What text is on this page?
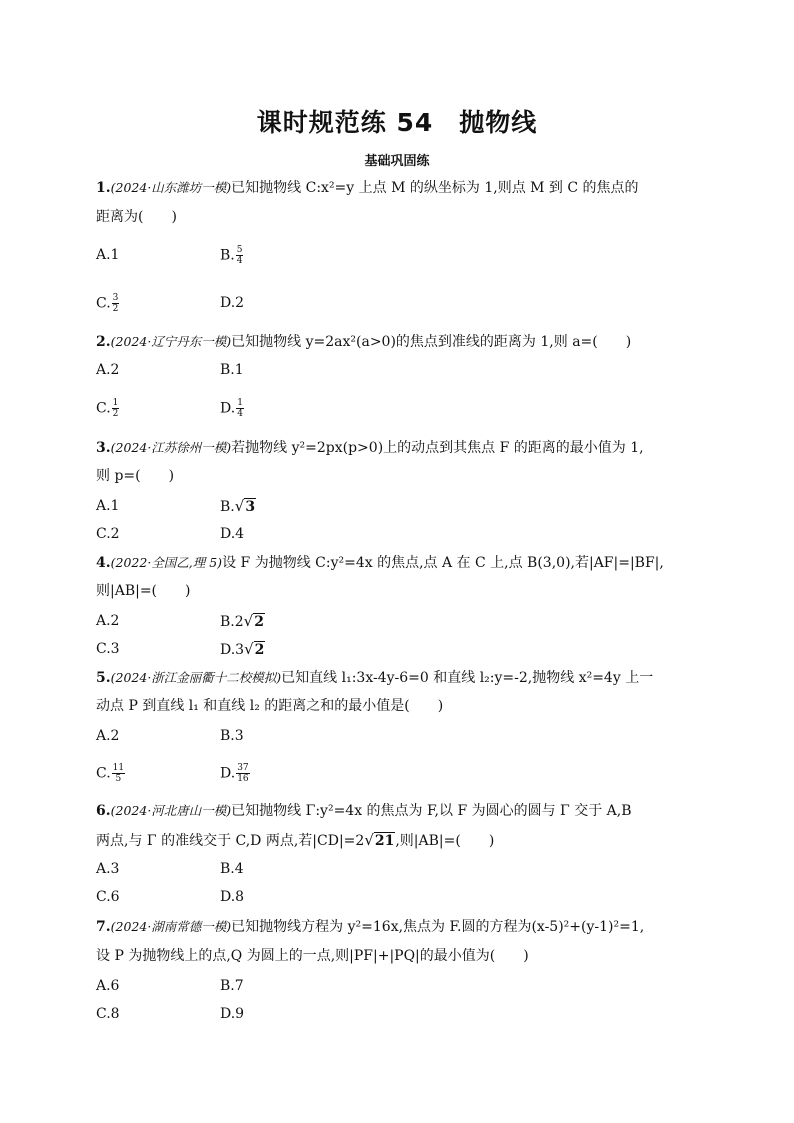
课时规范练 54　抛物线
基础巩固练
1.(2024·山东潍坊一模)已知抛物线 C:x²=y 上点 M 的纵坐标为 1,则点 M 到 C 的焦点的
距离为(　　)
A.1	B. $\frac{5}{4}$
C. $\frac{3}{2}$	D.2
2.(2024·辽宁丹东一模)已知抛物线 y=2ax²(a>0)的焦点到准线的距离为 1,则 a=(　　)
A.2	B.1
C. $\frac{1}{2}$	D. $\frac{1}{4}$
3.(2024·江苏徐州一模)若抛物线 y²=2px(p>0)上的动点到其焦点 F 的距离的最小值为 1,
则 p=(　　)
A.1	B.√3
C.2	D.4
4.(2022·全国乙,理 5)设 F 为抛物线 C:y²=4x 的焦点,点 A 在 C 上,点 B(3,0),若|AF|=|BF|,
则|AB|=(　　)
A.2	B.2√2
C.3	D.3√2
5.(2024·浙江金丽衢十二校模拟)已知直线 l₁:3x-4y-6=0 和直线 l₂:y=-2,抛物线 x²=4y 上一
动点 P 到直线 l₁ 和直线 l₂ 的距离之和的最小值是(　　)
A.2	B.3
C. $\frac{11}{5}$	D. $\frac{37}{16}$
6.(2024·河北唐山一模)已知抛物线 Γ:y²=4x 的焦点为 F,以 F 为圆心的圆与 Γ 交于 A,B
两点,与 Γ 的准线交于 C,D 两点,若|CD|=2√21,则|AB|=(　　)
A.3	B.4
C.6	D.8
7.(2024·湖南常德一模)已知抛物线方程为 y²=16x,焦点为 F.圆的方程为(x-5)²+(y-1)²=1,
设 P 为抛物线上的点,Q 为圆上的一点,则|PF|+|PQ|的最小值为(　　)
A.6	B.7
C.8	D.9
